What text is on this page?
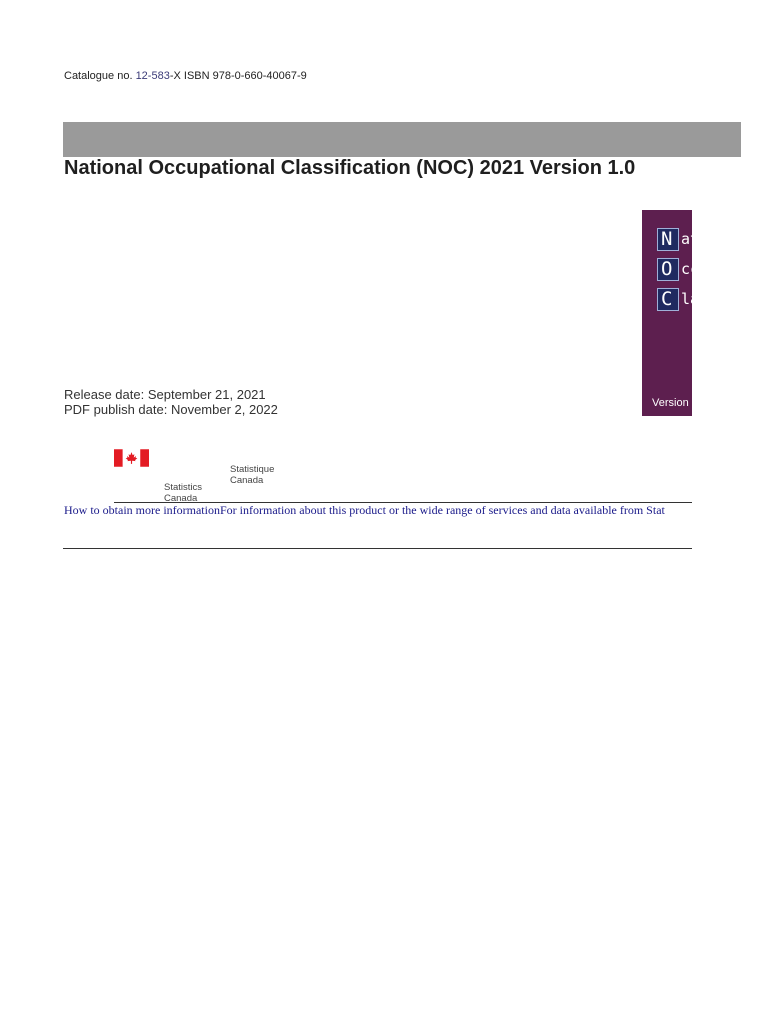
Catalogue no. 12-583-X ISBN 978-0-660-40067-9
National Occupational Classification (NOC) 2021 Version 1.0
N at
O cc
C la
Version
Release date: September 21, 2021
PDF publish date: November 2, 2022
Statistique
Canada
Statistics
Canada
How to obtain more informationFor information about this product or the wide range of services and data available from Stat
